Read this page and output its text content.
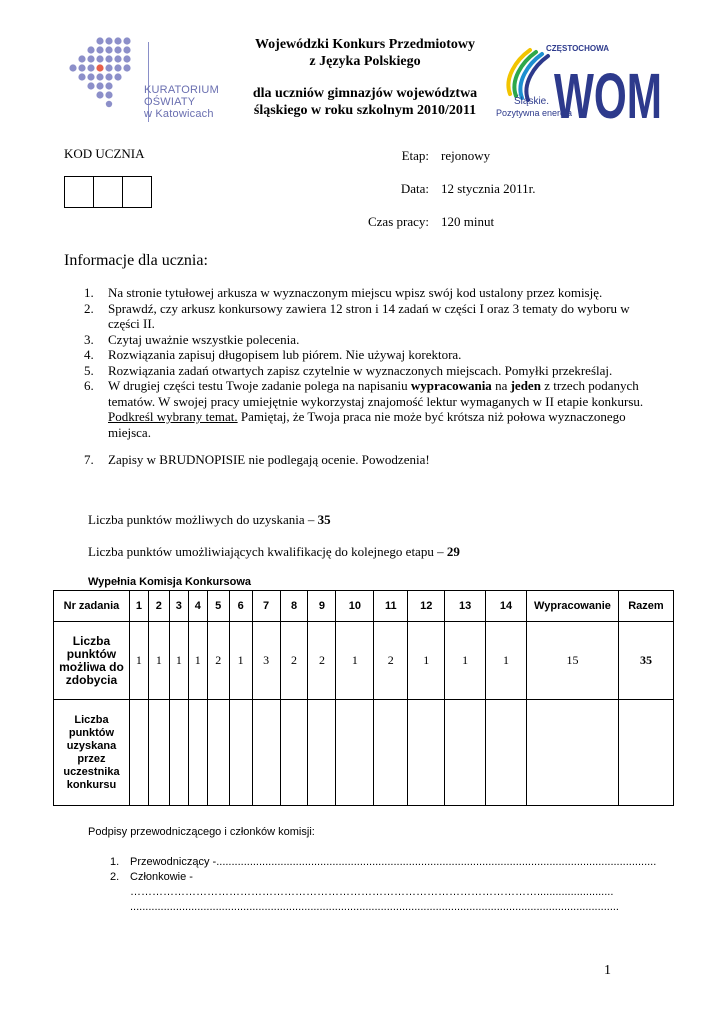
KURATORIUM
OŚWIATY
w Katowicach
Wojewódzki Konkurs Przedmiotowy
z Języka Polskiego
dla uczniów gimnazjów województwa
śląskiego w roku szkolnym 2010/2011
Śląskie.
Pozytywna energia
CZĘSTOCHOWA
WOM
KOD UCZNIA	Etap: rejonowy
Data: 12 stycznia 2011r.
Czas pracy: 120 minut
Informacje dla ucznia:
1.	Na stronie tytułowej arkusza w wyznaczonym miejscu wpisz swój kod ustalony przez komisję.
2.	Sprawdź, czy arkusz konkursowy zawiera 12 stron i 14 zadań w części I oraz 3 tematy do wyboru w części II.
3.	Czytaj uważnie wszystkie polecenia.
4.	Rozwiązania zapisuj długopisem lub piórem. Nie używaj korektora.
5.	Rozwiązania zadań otwartych zapisz czytelnie w wyznaczonych miejscach. Pomyłki przekreślaj.
6.	W drugiej części testu Twoje zadanie polega na napisaniu wypracowania na jeden z trzech podanych tematów. W swojej pracy umiejętnie wykorzystaj znajomość lektur wymaganych w II etapie konkursu. Podkreśl wybrany temat. Pamiętaj, że Twoja praca nie może być krótsza niż połowa wyznaczonego miejsca.
7.	Zapisy w BRUDNOPISIE nie podlegają ocenie. Powodzenia!
Liczba punktów możliwych do uzyskania – 35
Liczba punktów umożliwiających kwalifikację do kolejnego etapu – 29
Wypełnia Komisja Konkursowa
Nr zadania	1	2	3	4	5	6	7	8	9	10	11	12	13	14	Wypracowanie	Razem
Liczba punktów możliwa do zdobycia	1	1	1	1	2	1	3	2	2	1	2	1	1	1	15	35
Liczba punktów uzyskana przez uczestnika konkursu																
Podpisy przewodniczącego i członków komisji:
1. Przewodniczący - ................................................................................................................................................
2. Członkowie -
………………………………………………………………………………………………….........................
................................................................................................................................................................
1
